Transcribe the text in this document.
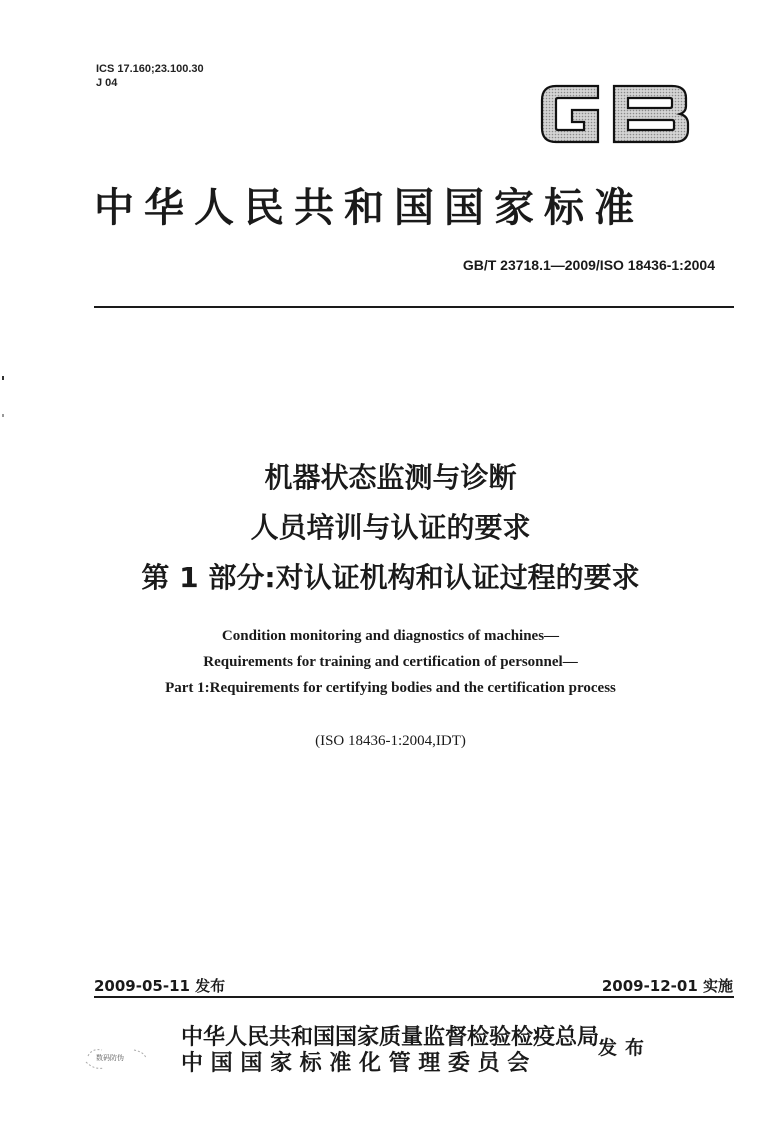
ICS 17.160;23.100.30
J 04
中华人民共和国国家标准
GB/T 23718.1—2009/ISO 18436-1:2004
机器状态监测与诊断
人员培训与认证的要求
第 1 部分:对认证机构和认证过程的要求
Condition monitoring and diagnostics of machines—
Requirements for training and certification of personnel—
Part 1:Requirements for certifying bodies and the certification process
(ISO 18436-1:2004,IDT)
2009-05-11 发布	2009-12-01 实施
中华人民共和国国家质量监督检验检疫总局
中 国 国 家 标 准 化 管 理 委 员 会
发布
数码防伪
